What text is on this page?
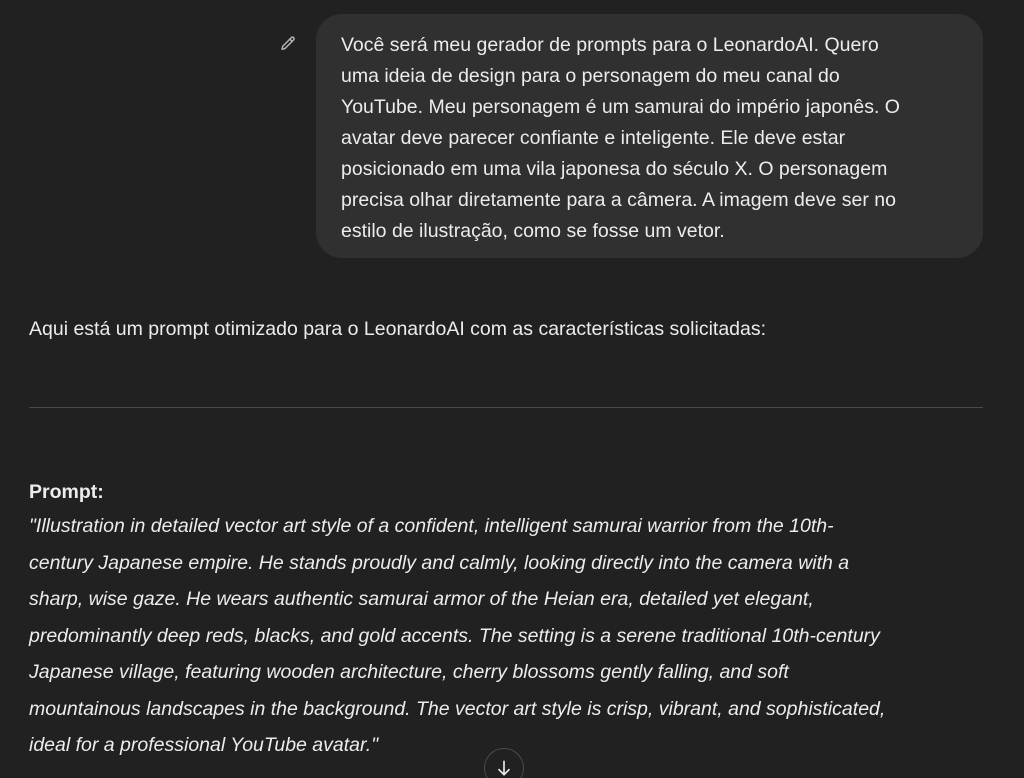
Você será meu gerador de prompts para o LeonardoAI. Quero
uma ideia de design para o personagem do meu canal do
YouTube. Meu personagem é um samurai do império japonês. O
avatar deve parecer confiante e inteligente. Ele deve estar
posicionado em uma vila japonesa do século X. O personagem
precisa olhar diretamente para a câmera. A imagem deve ser no
estilo de ilustração, como se fosse um vetor.

Aqui está um prompt otimizado para o LeonardoAI com as características solicitadas:

Prompt:

"Illustration in detailed vector art style of a confident, intelligent samurai warrior from the 10th-
century Japanese empire. He stands proudly and calmly, looking directly into the camera with a
sharp, wise gaze. He wears authentic samurai armor of the Heian era, detailed yet elegant,
predominantly deep reds, blacks, and gold accents. The setting is a serene traditional 10th-century
Japanese village, featuring wooden architecture, cherry blossoms gently falling, and soft
mountainous landscapes in the background. The vector art style is crisp, vibrant, and sophisticated,
ideal for a professional YouTube avatar."
